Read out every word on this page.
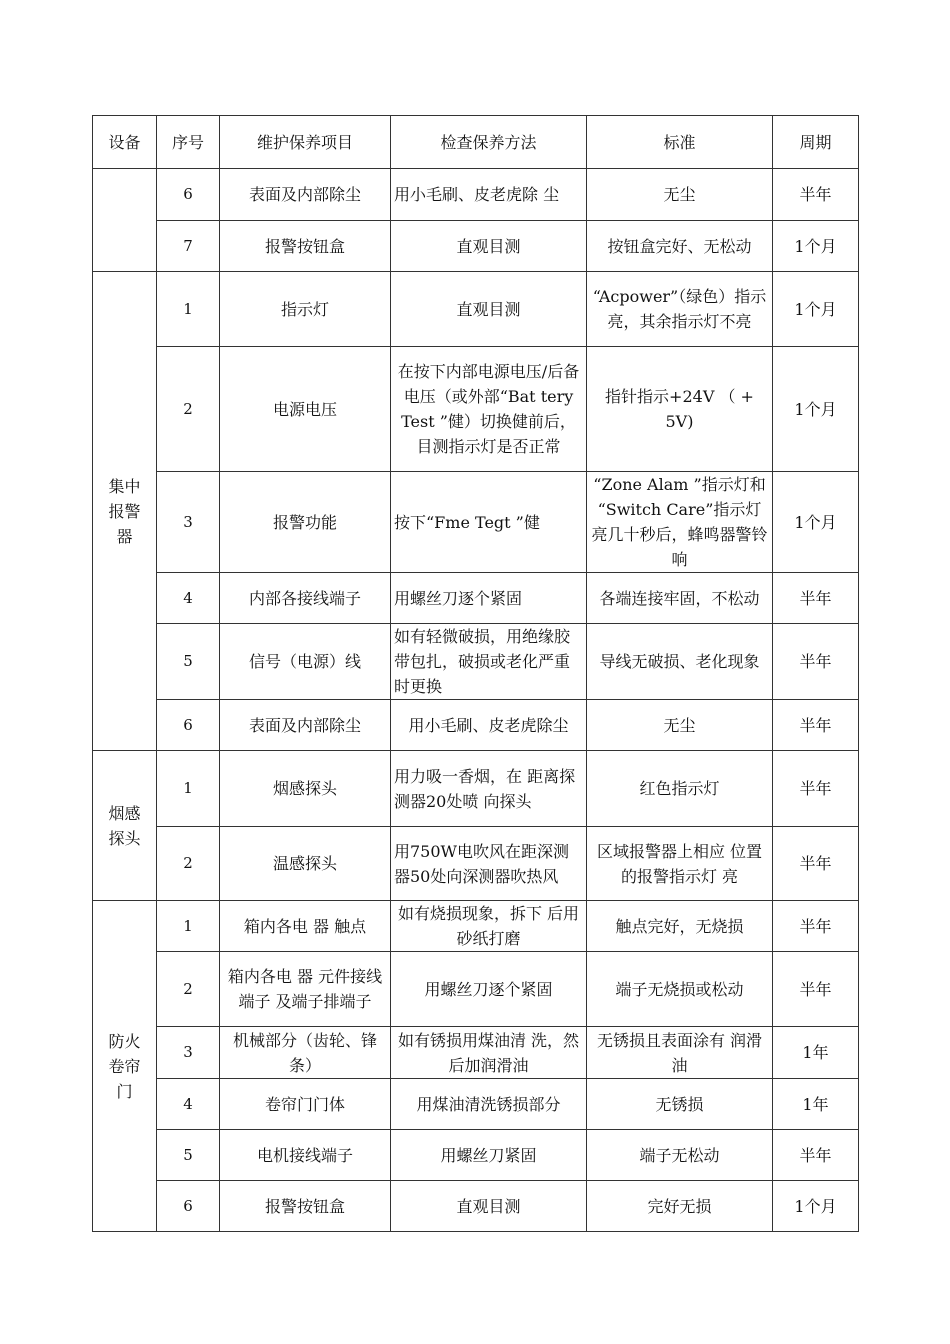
设备	序号	维护保养项目	检查保养方法	标准	周期
	6	表面及内部除尘	用小毛刷、皮老虎除 尘	无尘	半年
	7	报警按钮盒	直观目测	按钮盒完好、无松动	1个月
集中报警器	1	指示灯	直观目测	“Acpower”（绿色）指示亮，其余指示灯不亮	1个月
	2	电源电压	在按下内部电源电压/后备电压（或外部“Bat tery Test ”健）切换健前后，目测指示灯是否正常	指针指示+24V （ + 5V)	1个月
	3	报警功能	按下“Fme Tegt ”健	“Zone Alam ”指示灯和 “Switch Care”指示灯亮几十秒后，蜂鸣器警铃响	1个月
	4	内部各接线端子	用螺丝刀逐个紧固	各端连接牢固，不松动	半年
	5	信号（电源）线	如有轻微破损，用绝缘胶带包扎，破损或老化严重时更换	导线无破损、老化现象	半年
	6	表面及内部除尘	用小毛刷、皮老虎除尘	无尘	半年
烟感探头	1	烟感探头	用力吸一香烟，在 距离探测器20处喷 向探头	红色指示灯	半年
	2	温感探头	用750W电吹风在距深测器50处向深测器吹热风	区域报警器上相应 位置的报警指示灯 亮	半年
防火卷帘门	1	箱内各电 器 触点	如有烧损现象，拆下 后用砂纸打磨	触点完好，无烧损	半年
	2	箱内各电 器 元件接线端子 及端子排端子	用螺丝刀逐个紧固	端子无烧损或松动	半年
	3	机械部分（齿轮、锋条）	如有锈损用煤油清 洗，然后加润滑油	无锈损且表面涂有 润滑油	1年
	4	卷帘门门体	用煤油清洗锈损部分	无锈损	1年
	5	电机接线端子	用螺丝刀紧固	端子无松动	半年
	6	报警按钮盒	直观目测	完好无损	1个月
